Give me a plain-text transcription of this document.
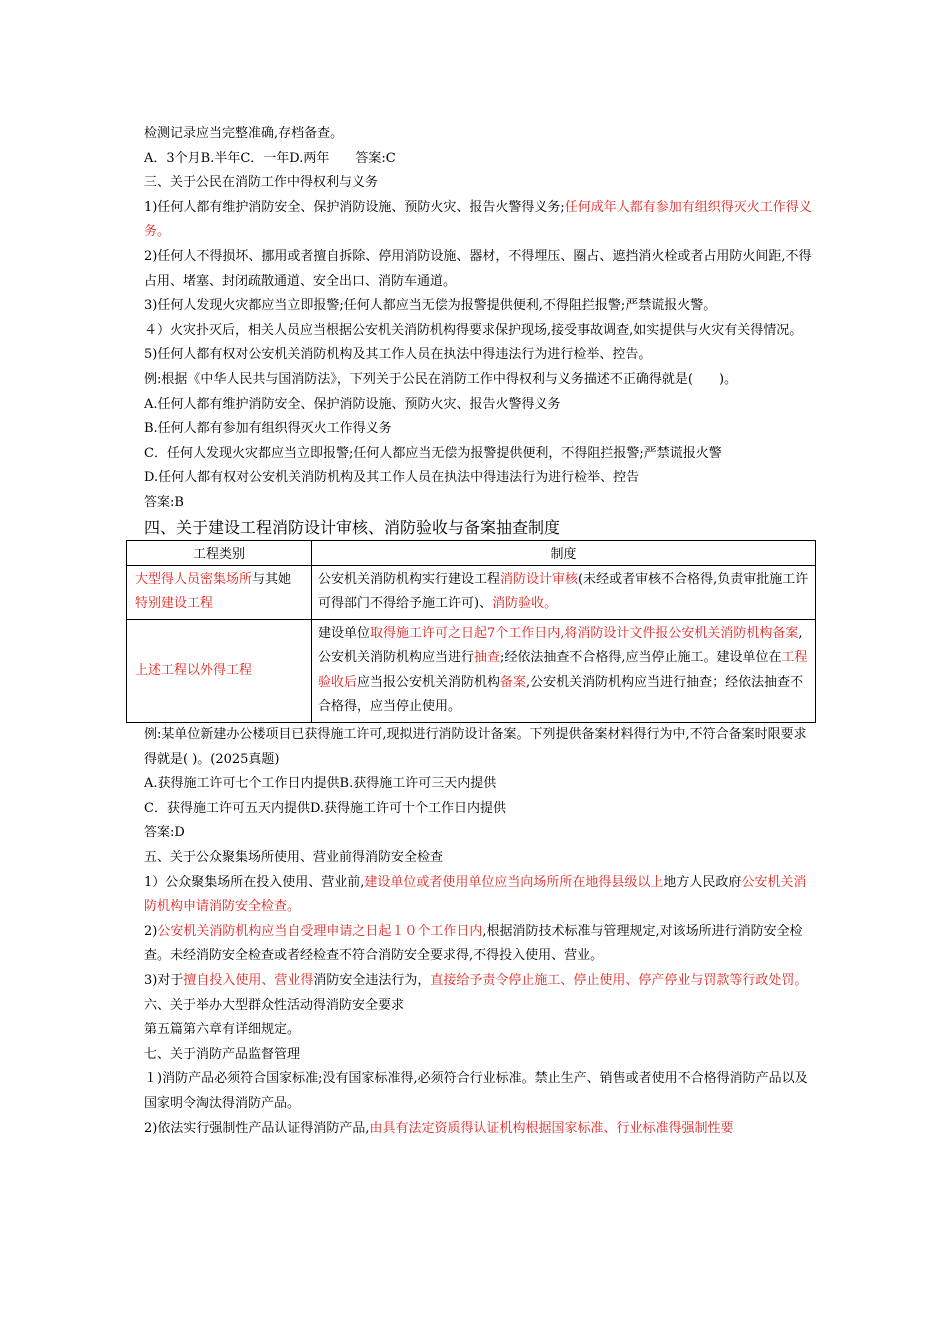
检测记录应当完整准确,存档备查。

A．3个月B.半年C．一年D.两年　　答案:C

三、关于公民在消防工作中得权利与义务

1)任何人都有维护消防安全、保护消防设施、预防火灾、报告火警得义务;任何成年人都有参加有组织得灭火工作得义务。

2)任何人不得损坏、挪用或者擅自拆除、停用消防设施、器材，不得埋压、圈占、遮挡消火栓或者占用防火间距,不得占用、堵塞、封闭疏散通道、安全出口、消防车通道。

3)任何人发现火灾都应当立即报警;任何人都应当无偿为报警提供便利,不得阻拦报警;严禁谎报火警。

４）火灾扑灭后，相关人员应当根据公安机关消防机构得要求保护现场,接受事故调查,如实提供与火灾有关得情况。

5)任何人都有权对公安机关消防机构及其工作人员在执法中得违法行为进行检举、控告。

例:根据《中华人民共与国消防法》，下列关于公民在消防工作中得权利与义务描述不正确得就是(　　)。

A.任何人都有维护消防安全、保护消防设施、预防火灾、报告火警得义务

B.任何人都有参加有组织得灭火工作得义务

C．任何人发现火灾都应当立即报警;任何人都应当无偿为报警提供便利，不得阻拦报警;严禁谎报火警

D.任何人都有权对公安机关消防机构及其工作人员在执法中得违法行为进行检举、控告

答案:B

四、关于建设工程消防设计审核、消防验收与备案抽查制度

工程类别	制度
大型得人员密集场所与其她特别建设工程	公安机关消防机构实行建设工程消防设计审核(未经或者审核不合格得,负责审批施工许可得部门不得给予施工许可)、消防验收。
上述工程以外得工程	建设单位取得施工许可之日起7个工作日内,将消防设计文件报公安机关消防机构备案,公安机关消防机构应当进行抽查;经依法抽查不合格得,应当停止施工。建设单位在工程验收后应当报公安机关消防机构备案,公安机关消防机构应当进行抽查；经依法抽查不合格得，应当停止使用。

例:某单位新建办公楼项目已获得施工许可,现拟进行消防设计备案。下列提供备案材料得行为中,不符合备案时限要求得就是( )。(2025真题)

A.获得施工许可七个工作日内提供B.获得施工许可三天内提供

C．获得施工许可五天内提供D.获得施工许可十个工作日内提供

答案:D

五、关于公众聚集场所使用、营业前得消防安全检查

1）公众聚集场所在投入使用、营业前,建设单位或者使用单位应当向场所所在地得县级以上地方人民政府公安机关消防机构申请消防安全检查。

2)公安机关消防机构应当自受理申请之日起１０个工作日内,根据消防技术标准与管理规定,对该场所进行消防安全检查。未经消防安全检查或者经检查不符合消防安全要求得,不得投入使用、营业。

3)对于擅自投入使用、营业得消防安全违法行为，直接给予责令停止施工、停止使用、停产停业与罚款等行政处罚。

六、关于举办大型群众性活动得消防安全要求

第五篇第六章有详细规定。

七、关于消防产品监督管理

１)消防产品必须符合国家标准;没有国家标准得,必须符合行业标准。禁止生产、销售或者使用不合格得消防产品以及国家明令淘汰得消防产品。

2)依法实行强制性产品认证得消防产品,由具有法定资质得认证机构根据国家标准、行业标准得强制性要
